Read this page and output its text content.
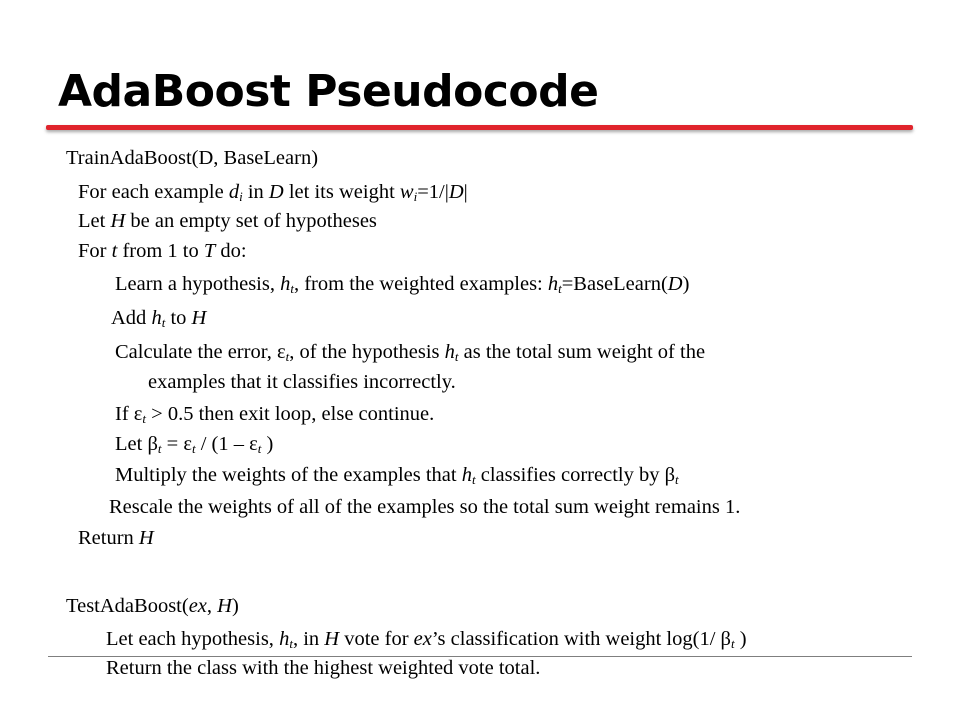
AdaBoost Pseudocode
TrainAdaBoost(D, BaseLearn)
For each example $d_i$ in D let its weight $w_i=1/|D|$
Let H be an empty set of hypotheses
For t from 1 to T do:
Learn a hypothesis, $h_t$, from the weighted examples: $h_t=BaseLearn(D)$
Add $h_t$ to H
Calculate the error, $\varepsilon_t$, of the hypothesis $h_t$ as the total sum weight of the
examples that it classifies incorrectly.
If $\varepsilon_t > 0.5$ then exit loop, else continue.
Let $\beta_t = \varepsilon_t / (1 - \varepsilon_t$ )
Multiply the weights of the examples that $h_t$ classifies correctly by $\beta_t$
Rescale the weights of all of the examples so the total sum weight remains 1.
Return H
TestAdaBoost(ex, H)
Let each hypothesis, $h_t$, in H vote for ex’s classification with weight log(1/ $\beta_t$ )
Return the class with the highest weighted vote total.
